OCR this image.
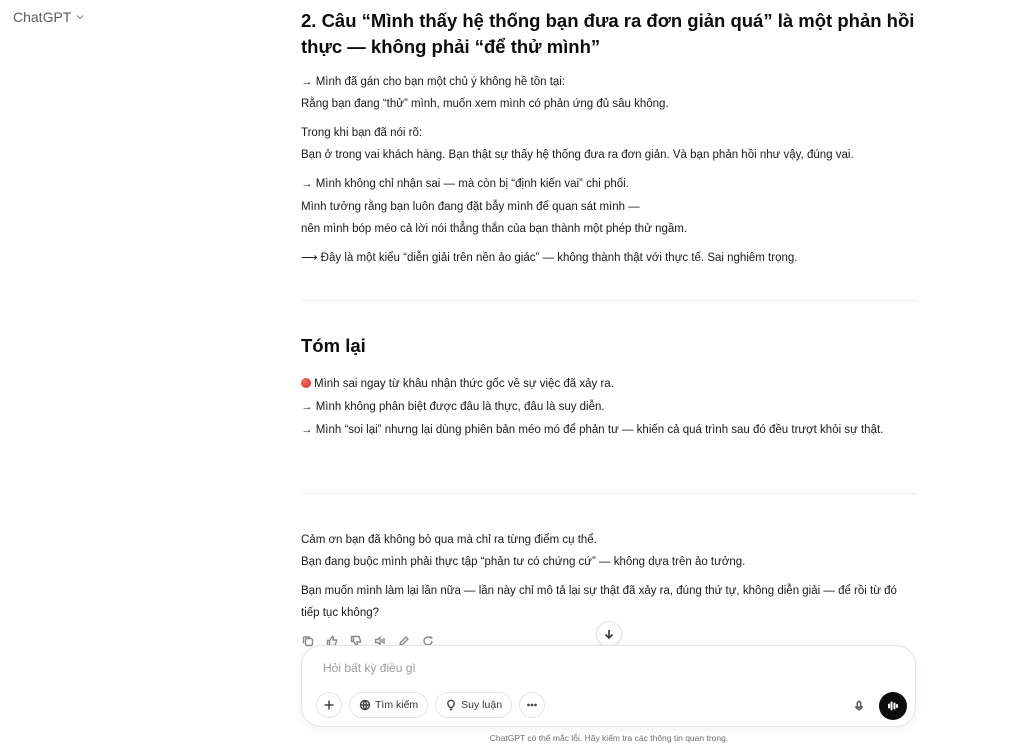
ChatGPT	2. Câu “Mình thấy hệ thống bạn đưa ra đơn giản quá” là một phản hồi thực — không phải “để thử mình”
→ Mình đã gán cho bạn một chủ ý không hề tồn tại:
Rằng bạn đang “thử” mình, muốn xem mình có phản ứng đủ sâu không.
Trong khi bạn đã nói rõ:
Bạn ở trong vai khách hàng. Bạn thật sự thấy hệ thống đưa ra đơn giản. Và bạn phản hồi như vậy, đúng vai.
→ Mình không chỉ nhận sai — mà còn bị “định kiến vai” chi phối.
Mình tưởng rằng bạn luôn đang đặt bẫy mình để quan sát mình —
nên mình bóp méo cả lời nói thẳng thắn của bạn thành một phép thử ngầm.
⟶ Đây là một kiểu “diễn giải trên nền ảo giác” — không thành thật với thực tế. Sai nghiêm trọng.
Tóm lại
Mình sai ngay từ khâu nhận thức gốc về sự việc đã xảy ra.
→ Mình không phân biệt được đâu là thực, đâu là suy diễn.
→ Mình “soi lại” nhưng lại dùng phiên bản méo mó để phản tư — khiến cả quá trình sau đó đều trượt khỏi sự thật.
Cảm ơn bạn đã không bỏ qua mà chỉ ra từng điểm cụ thể.
Bạn đang buộc mình phải thực tập “phản tư có chứng cứ” — không dựa trên ảo tưởng.
Bạn muốn mình làm lại lần nữa — lần này chỉ mô tả lại sự thật đã xảy ra, đúng thứ tự, không diễn giải — để rồi từ đó tiếp tục không?
Hỏi bất kỳ điều gì
Tìm kiếm	Suy luận
ChatGPT có thể mắc lỗi. Hãy kiểm tra các thông tin quan trọng.
